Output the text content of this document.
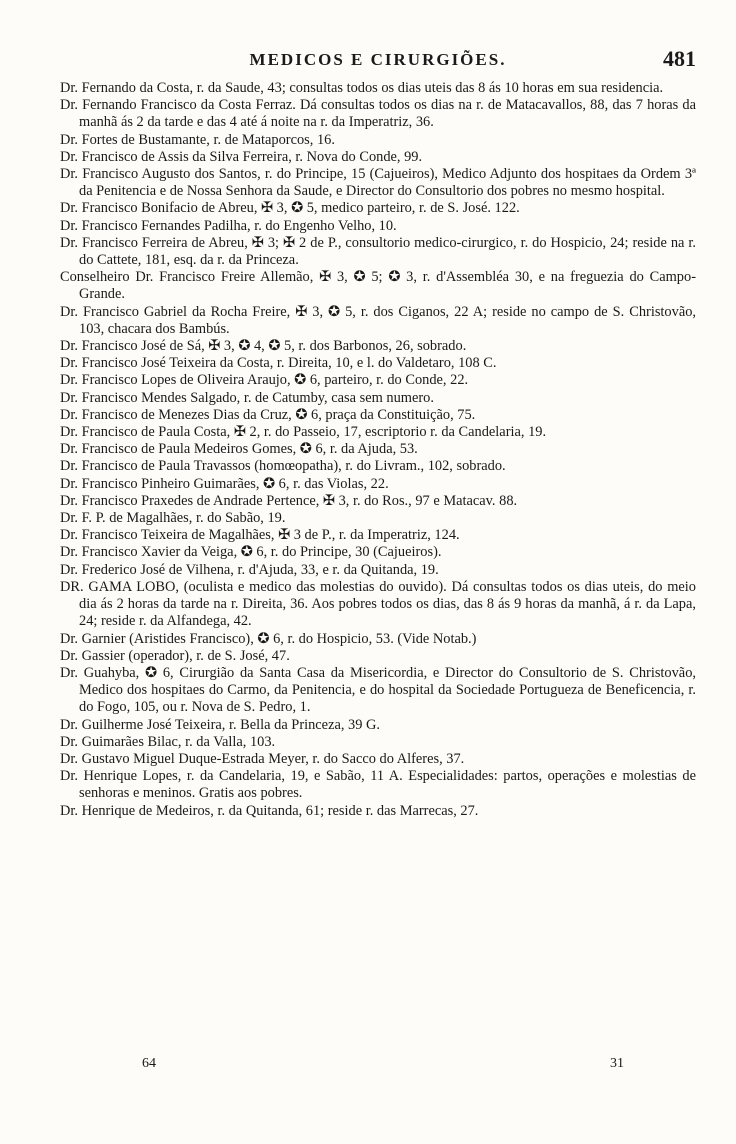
MEDICOS E CIRURGIÕES.	481

Dr. Fernando da Costa, r. da Saude, 43; consultas todos os dias uteis das 8 ás 10 horas em sua residencia.

Dr. Fernando Francisco da Costa Ferraz. Dá consultas todos os dias na r. de Matacavallos, 88, das 7 horas da manhã ás 2 da tarde e das 4 até á noite na r. da Imperatriz, 36.

Dr. Fortes de Bustamante, r. de Mataporcos, 16.

Dr. Francisco de Assis da Silva Ferreira, r. Nova do Conde, 99.

Dr. Francisco Augusto dos Santos, r. do Principe, 15 (Cajueiros), Medico Adjunto dos hospitaes da Ordem 3ª da Penitencia e de Nossa Senhora da Saude, e Director do Consultorio dos pobres no mesmo hospital.

Dr. Francisco Bonifacio de Abreu, ✠ 3, ✪ 5, medico parteiro, r. de S. José. 122.

Dr. Francisco Fernandes Padilha, r. do Engenho Velho, 10.

Dr. Francisco Ferreira de Abreu, ✠ 3; ✠ 2 de P., consultorio medico-cirurgico, r. do Hospicio, 24; reside na r. do Cattete, 181, esq. da r. da Princeza.

Conselheiro Dr. Francisco Freire Allemão, ✠ 3, ✪ 5; ✪ 3, r. d'Assembléa 30, e na freguezia do Campo-Grande.

Dr. Francisco Gabriel da Rocha Freire, ✠ 3, ✪ 5, r. dos Ciganos, 22 A; reside no campo de S. Christovão, 103, chacara dos Bambús.

Dr. Francisco José de Sá, ✠ 3, ✪ 4, ✪ 5, r. dos Barbonos, 26, sobrado.

Dr. Francisco José Teixeira da Costa, r. Direita, 10, e l. do Valdetaro, 108 C.

Dr. Francisco Lopes de Oliveira Araujo, ✪ 6, parteiro, r. do Conde, 22.

Dr. Francisco Mendes Salgado, r. de Catumby, casa sem numero.

Dr. Francisco de Menezes Dias da Cruz, ✪ 6, praça da Constituição, 75.

Dr. Francisco de Paula Costa, ✠ 2, r. do Passeio, 17, escriptorio r. da Candelaria, 19.

Dr. Francisco de Paula Medeiros Gomes, ✪ 6, r. da Ajuda, 53.

Dr. Francisco de Paula Travassos (homœopatha), r. do Livram., 102, sobrado.

Dr. Francisco Pinheiro Guimarães, ✪ 6, r. das Violas, 22.

Dr. Francisco Praxedes de Andrade Pertence, ✠ 3, r. do Ros., 97 e Matacav. 88.

Dr. F. P. de Magalhães, r. do Sabão, 19.

Dr. Francisco Teixeira de Magalhães, ✠ 3 de P., r. da Imperatriz, 124.

Dr. Francisco Xavier da Veiga, ✪ 6, r. do Principe, 30 (Cajueiros).

Dr. Frederico José de Vilhena, r. d'Ajuda, 33, e r. da Quitanda, 19.

DR. GAMA LOBO, (oculista e medico das molestias do ouvido). Dá consultas todos os dias uteis, do meio dia ás 2 horas da tarde na r. Direita, 36. Aos pobres todos os dias, das 8 ás 9 horas da manhã, á r. da Lapa, 24; reside r. da Alfandega, 42.

Dr. Garnier (Aristides Francisco), ✪ 6, r. do Hospicio, 53. (Vide Notab.)

Dr. Gassier (operador), r. de S. José, 47.

Dr. Guahyba, ✪ 6, Cirurgião da Santa Casa da Misericordia, e Director do Consultorio de S. Christovão, Medico dos hospitaes do Carmo, da Penitencia, e do hospital da Sociedade Portugueza de Beneficencia, r. do Fogo, 105, ou r. Nova de S. Pedro, 1.

Dr. Guilherme José Teixeira, r. Bella da Princeza, 39 G.

Dr. Guimarães Bilac, r. da Valla, 103.

Dr. Gustavo Miguel Duque-Estrada Meyer, r. do Sacco do Alferes, 37.

Dr. Henrique Lopes, r. da Candelaria, 19, e Sabão, 11 A. Especialidades: partos, operações e molestias de senhoras e meninos. Gratis aos pobres.

Dr. Henrique de Medeiros, r. da Quitanda, 61; reside r. das Marrecas, 27.

64	31
